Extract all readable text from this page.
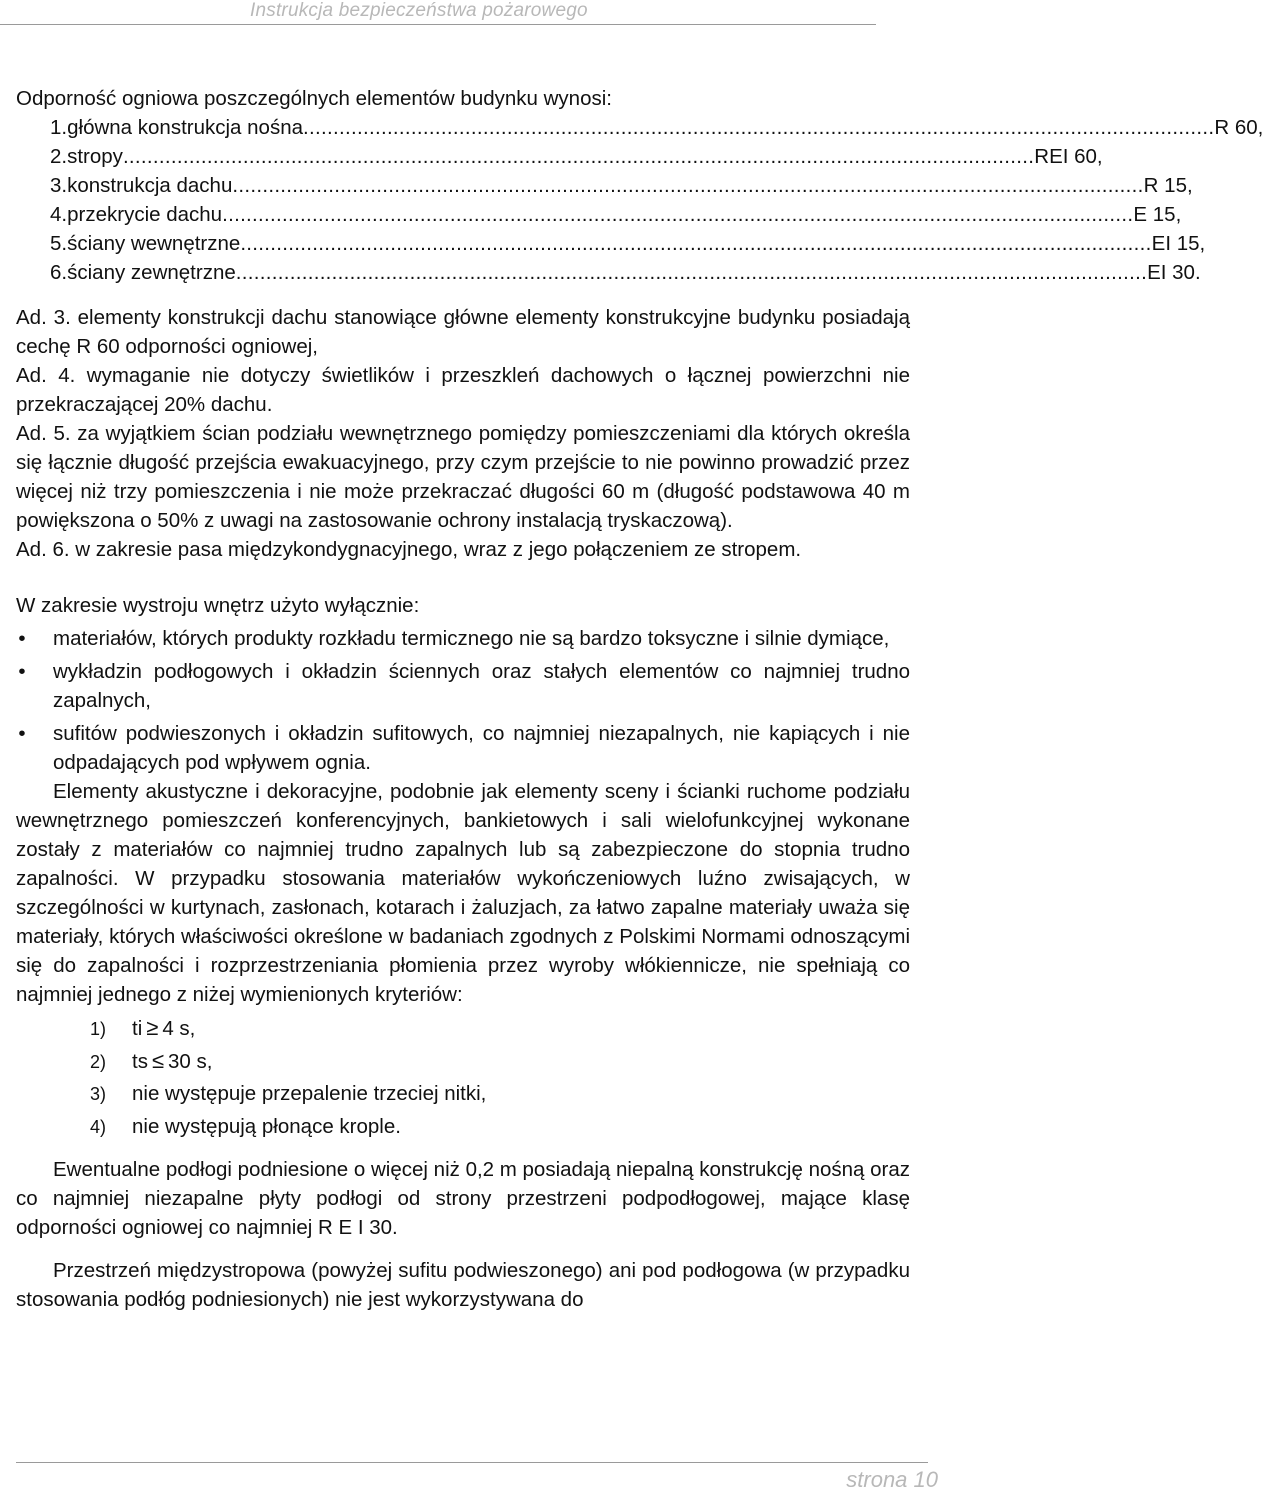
Instrukcja bezpieczeństwa pożarowego

Odporność ogniowa poszczególnych elementów budynku wynosi:

1. główna konstrukcja nośna ........................................................................................................................................................ R 60,
2. stropy ........................................................................................................................................................ REI 60,
3. konstrukcja dachu ........................................................................................................................................................ R 15,
4. przekrycie dachu ........................................................................................................................................................ E 15,
5. ściany wewnętrzne ........................................................................................................................................................ EI 15,
6. ściany zewnętrzne ........................................................................................................................................................ EI 30.

Ad. 3. elementy konstrukcji dachu stanowiące główne elementy konstrukcyjne budynku posiadają cechę R 60 odporności ogniowej,

Ad. 4. wymaganie nie dotyczy świetlików i przeszkleń dachowych o łącznej powierzchni nie przekraczającej 20% dachu.

Ad. 5. za wyjątkiem ścian podziału wewnętrznego pomiędzy pomieszczeniami dla których określa się łącznie długość przejścia ewakuacyjnego, przy czym przejście to nie powinno prowadzić przez więcej niż trzy pomieszczenia i nie może przekraczać długości 60 m (długość podstawowa 40 m powiększona o 50% z uwagi na zastosowanie ochrony instalacją tryskaczową).

Ad. 6. w zakresie pasa międzykondygnacyjnego, wraz z jego połączeniem ze stropem.

W zakresie wystroju wnętrz użyto wyłącznie:

• materiałów, których produkty rozkładu termicznego nie są bardzo toksyczne i silnie dymiące,
• wykładzin podłogowych i okładzin ściennych oraz stałych elementów co najmniej trudno zapalnych,
• sufitów podwieszonych i okładzin sufitowych, co najmniej niezapalnych, nie kapiących i nie odpadających pod wpływem ognia.

Elementy akustyczne i dekoracyjne, podobnie jak elementy sceny i ścianki ruchome podziału wewnętrznego pomieszczeń konferencyjnych, bankietowych i sali wielofunkcyjnej wykonane zostały z materiałów co najmniej trudno zapalnych lub są zabezpieczone do stopnia trudno zapalności. W przypadku stosowania materiałów wykończeniowych luźno zwisających, w szczególności w kurtynach, zasłonach, kotarach i żaluzjach, za łatwo zapalne materiały uważa się materiały, których właściwości określone w badaniach zgodnych z Polskimi Normami odnoszącymi się do zapalności i rozprzestrzeniania płomienia przez wyroby włókiennicze, nie spełniają co najmniej jednego z niżej wymienionych kryteriów:

1)	ti ≥ 4 s,
2)	ts ≤ 30 s,
3)	nie występuje przepalenie trzeciej nitki,
4)	nie występują płonące krople.

Ewentualne podłogi podniesione o więcej niż 0,2 m posiadają niepalną konstrukcję nośną oraz co najmniej niezapalne płyty podłogi od strony przestrzeni podpodłogowej, mające klasę odporności ogniowej co najmniej R E I 30.

Przestrzeń międzystropowa (powyżej sufitu podwieszonego) ani pod podłogowa (w przypadku stosowania podłóg podniesionych) nie jest wykorzystywana do

strona 10
